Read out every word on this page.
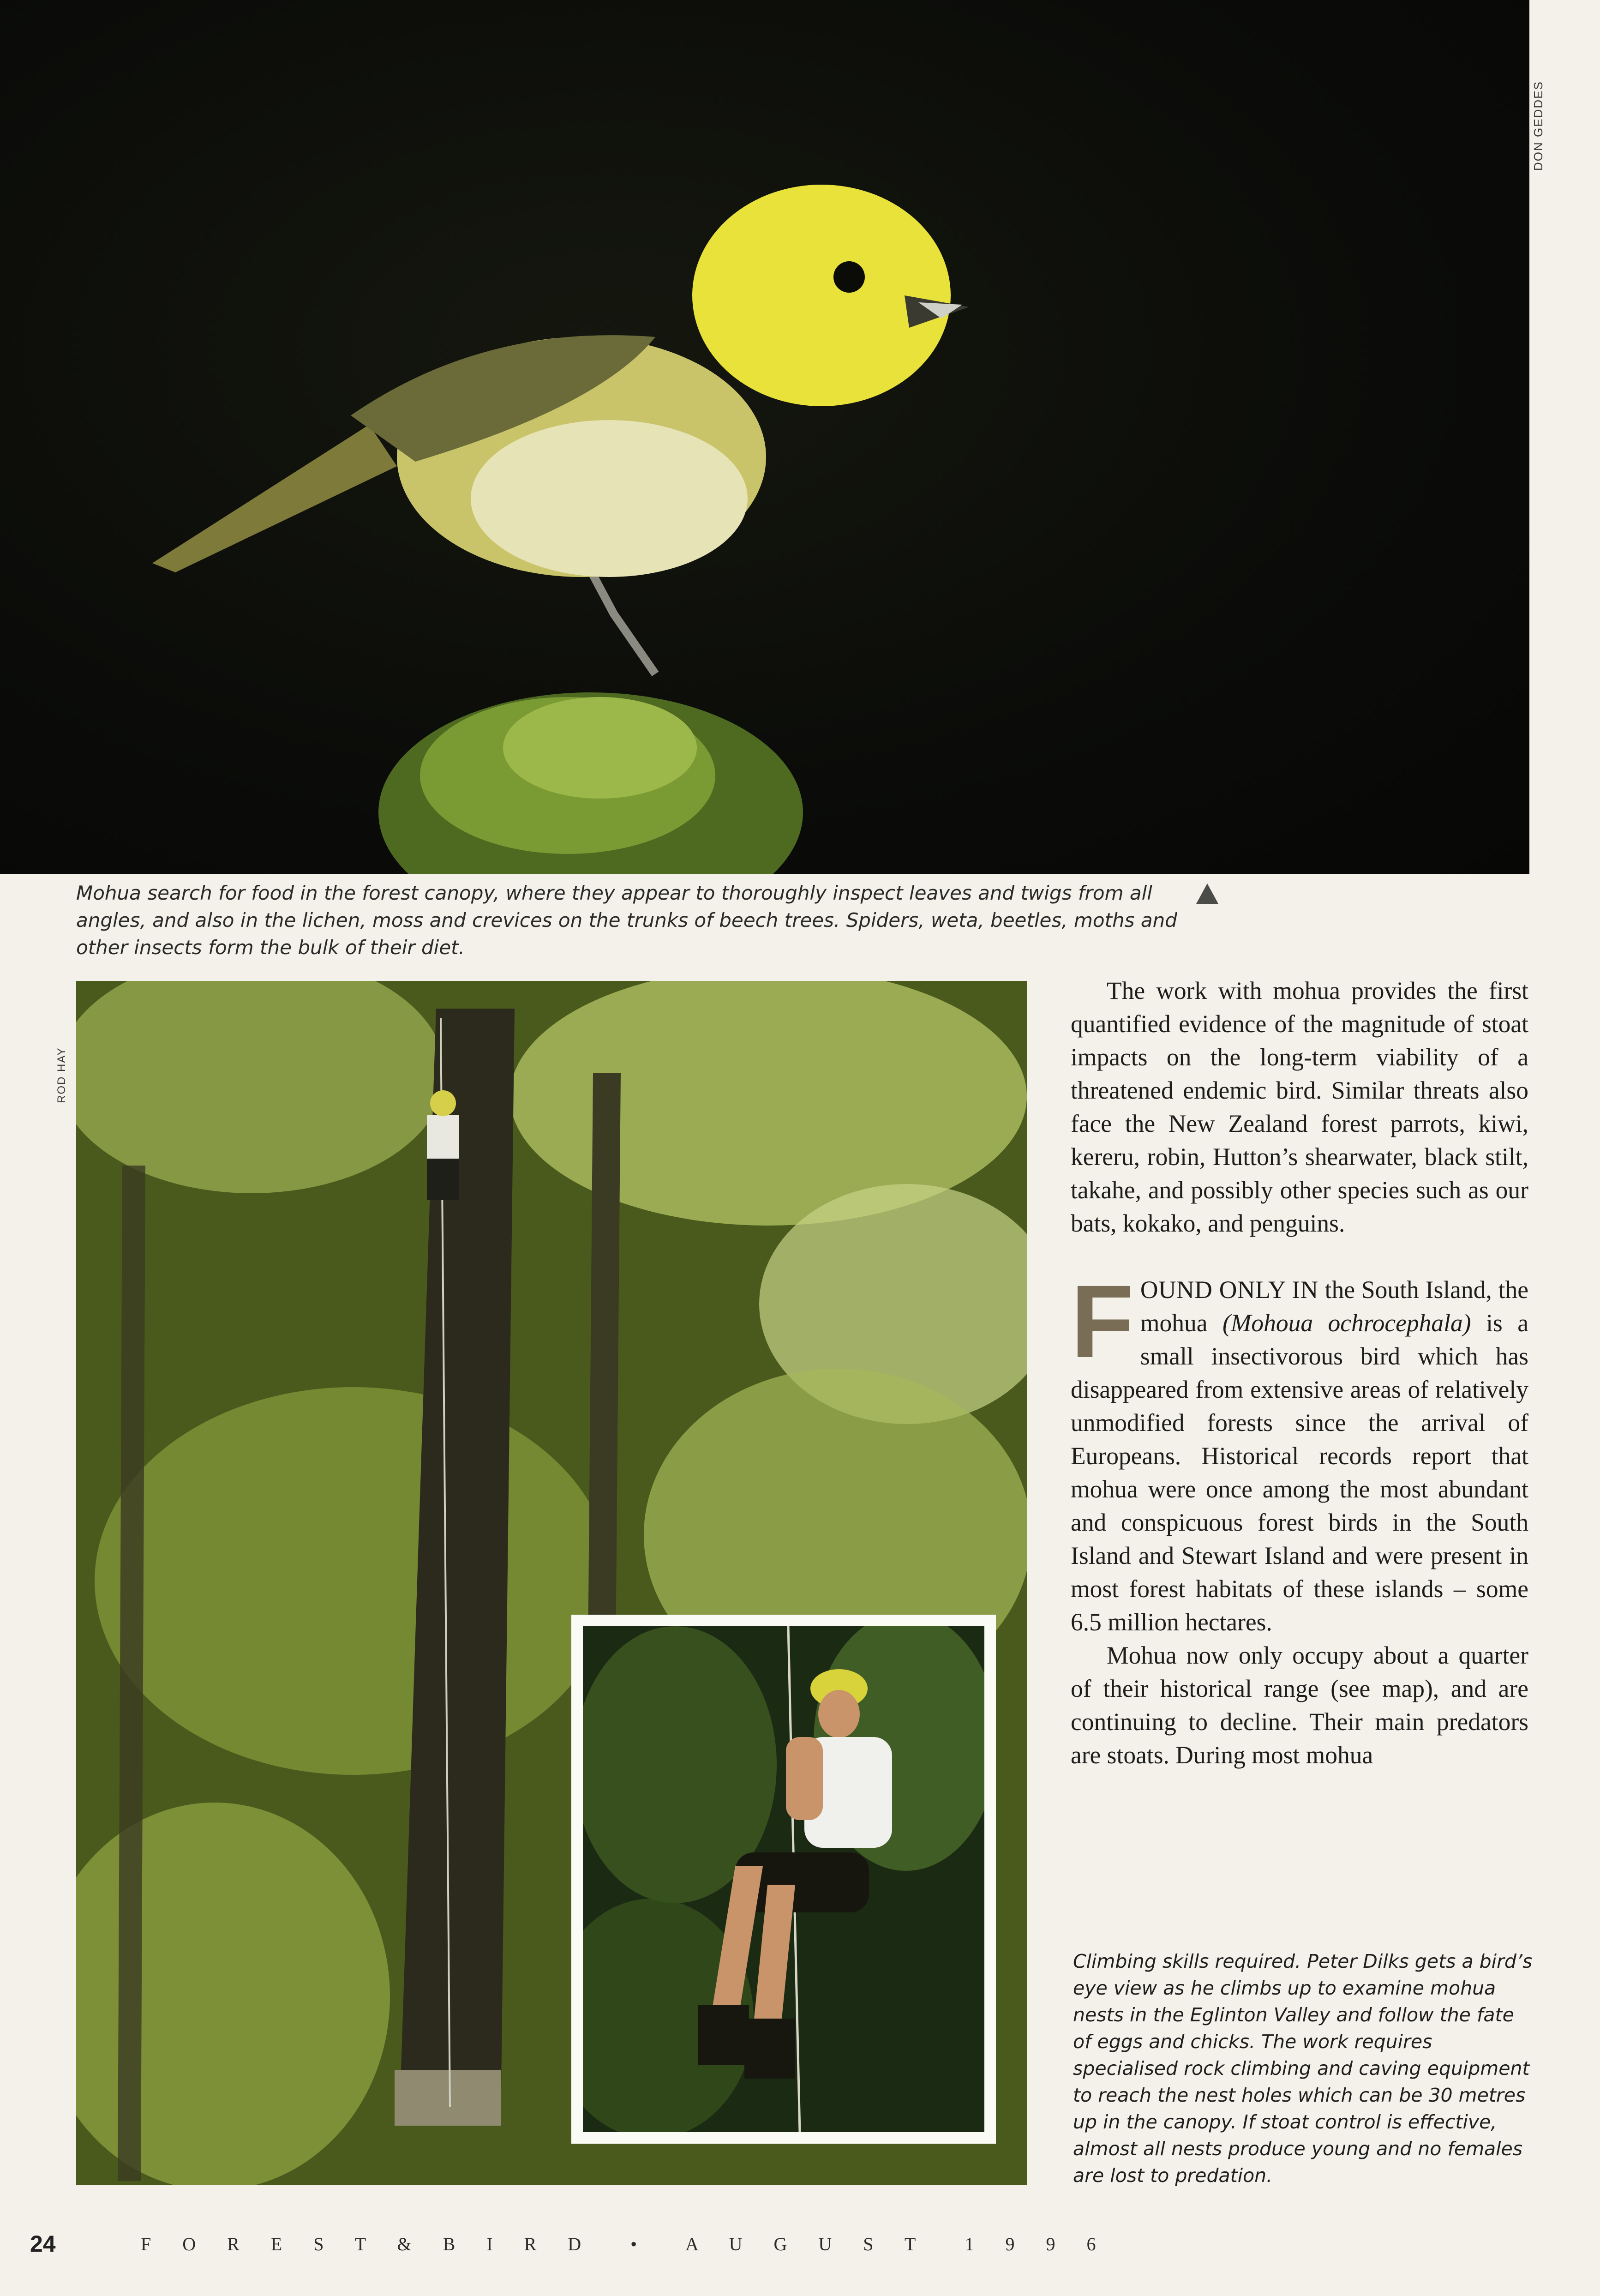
DON GEDDES
Mohua search for food in the forest canopy, where they appear to thoroughly inspect leaves and twigs from all angles, and also in the lichen, moss and crevices on the trunks of beech trees. Spiders, weta, beetles, moths and other insects form the bulk of their diet.
ROD HAY

The work with mohua provides the first quantified evidence of the magnitude of stoat impacts on the long-term viability of a threatened endemic bird. Similar threats also face the New Zealand forest parrots, kiwi, kereru, robin, Hutton’s shearwater, black stilt, takahe, and possibly other species such as our bats, kokako, and penguins.

FOUND ONLY IN the South Island, the mohua (Mohoua ochrocephala) is a small insectivorous bird which has disappeared from extensive areas of relatively unmodified forests since the arrival of Europeans. Historical records report that mohua were once among the most abundant and conspicuous forest birds in the South Island and Stewart Island and were present in most forest habitats of these islands – some 6.5 million hectares.

Mohua now only occupy about a quarter of their historical range (see map), and are continuing to decline. Their main predators are stoats. During most mohua

Climbing skills required. Peter Dilks gets a bird’s eye view as he climbs up to examine mohua nests in the Eglinton Valley and follow the fate of eggs and chicks. The work requires specialised rock climbing and caving equipment to reach the nest holes which can be 30 metres up in the canopy. If stoat control is effective, almost all nests produce young and no females are lost to predation.
24	F O R E S T & B I R D  •  A U G U S T  1 9 9 6
